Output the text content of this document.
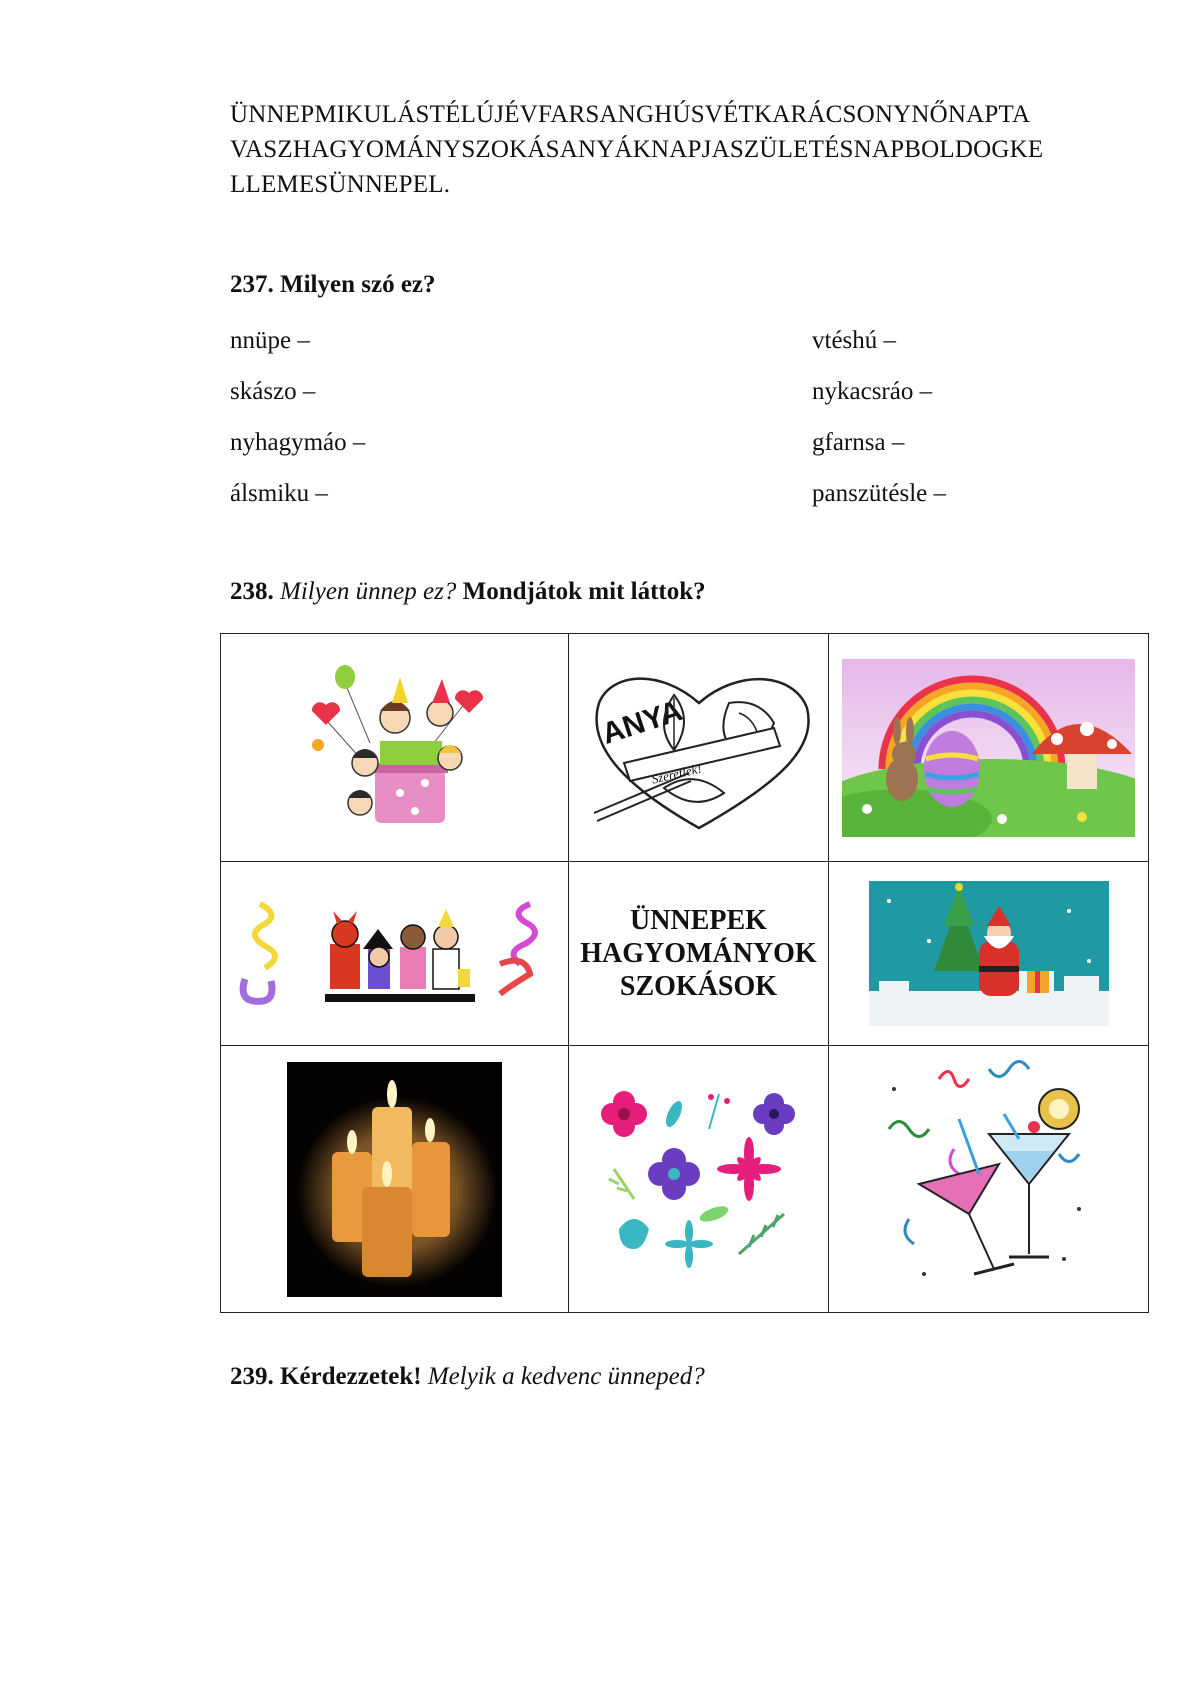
ÜNNEPMIKULÁSTÉLÚJÉVFARSANGHÚSVÉTKARÁCSONYNŐNAPTA
VASZHAGYOMÁNYSZOKÁSANYÁKNAPJASZÜLETÉSNAPBOLDOGKE
LLEMESÜNNEPEL.
237. Milyen szó ez?
nnüpe –
skászo –
nyhagymáo –
álsmiku –
vtéshú –
nykacsráo –
gfarnsa –
panszütésle –
238. Milyen ünnep ez? Mondjátok mit láttok?

ANYA
Szeretlek!

ÜNNEPEK
HAGYOMÁNYOK
SZOKÁSOK

239. Kérdezzetek! Melyik a kedvenc ünneped?
